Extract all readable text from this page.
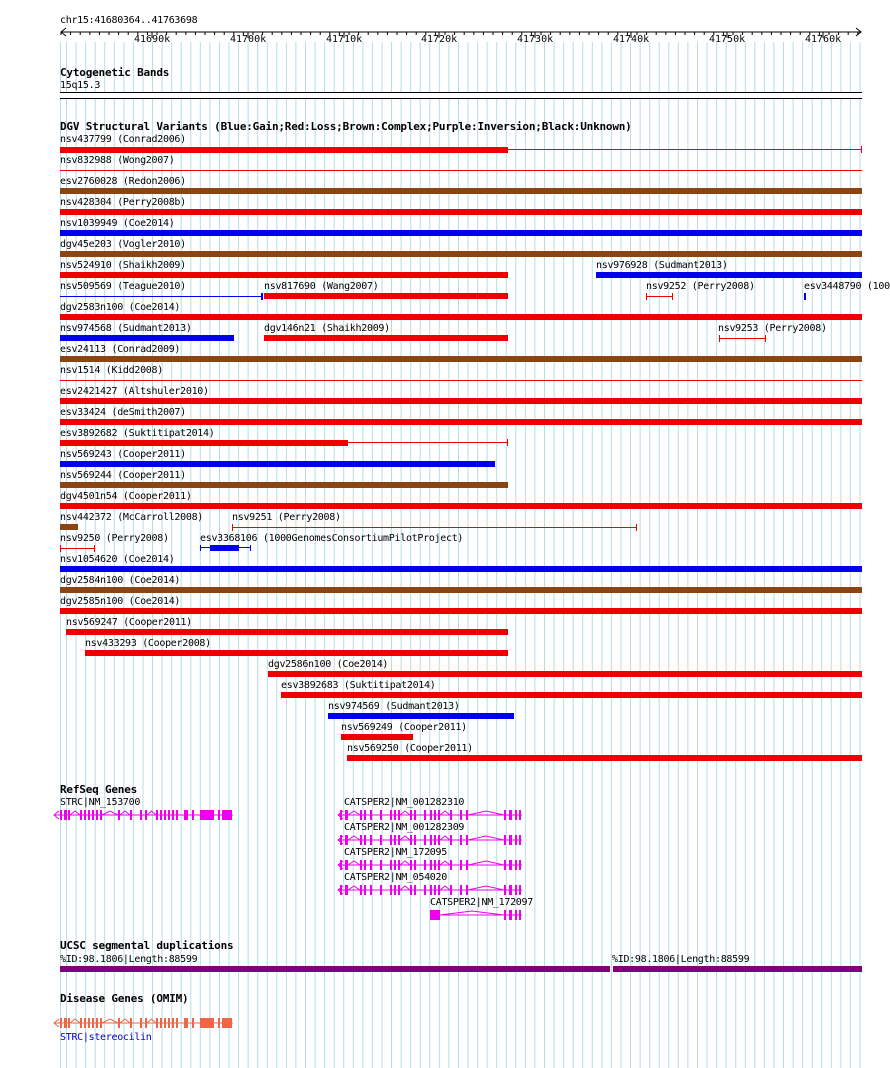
chr15:41680364..41763698
41690k	41700k	41710k	41720k	41730k	41740k	41750k	41760k
Cytogenetic Bands
15q15.3
DGV Structural Variants (Blue:Gain;Red:Loss;Brown:Complex;Purple:Inversion;Black:Unknown)
nsv437799 (Conrad2006)
nsv832988 (Wong2007)
esv2760028 (Redon2006)
nsv428304 (Perry2008b)
nsv1039949 (Coe2014)
dgv45e203 (Vogler2010)
nsv524910 (Shaikh2009)	nsv976928 (Sudmant2013)
nsv509569 (Teague2010)	nsv817690 (Wang2007)	nsv9252 (Perry2008)	esv3448790 (100
dgv2583n100 (Coe2014)
nsv974568 (Sudmant2013)	dgv146n21 (Shaikh2009)	nsv9253 (Perry2008)
esv24113 (Conrad2009)
nsv1514 (Kidd2008)
esv2421427 (Altshuler2010)
esv33424 (deSmith2007)
esv3892682 (Suktitipat2014)
nsv569243 (Cooper2011)
nsv569244 (Cooper2011)
dgv4501n54 (Cooper2011)
nsv442372 (McCarroll2008)	nsv9251 (Perry2008)
nsv9250 (Perry2008)	esv3368106 (1000GenomesConsortiumPilotProject)
nsv1054620 (Coe2014)
dgv2584n100 (Coe2014)
dgv2585n100 (Coe2014)
nsv569247 (Cooper2011)
nsv433293 (Cooper2008)
dgv2586n100 (Coe2014)
esv3892683 (Suktitipat2014)
nsv974569 (Sudmant2013)
nsv569249 (Cooper2011)
nsv569250 (Cooper2011)
RefSeq Genes
STRC|NM_153700	CATSPER2|NM_001282310
CATSPER2|NM_001282309
CATSPER2|NM_172095
CATSPER2|NM_054020
CATSPER2|NM_172097
UCSC segmental duplications
%ID:98.1806|Length:88599	%ID:98.1806|Length:88599
Disease Genes (OMIM)
STRC|stereocilin
